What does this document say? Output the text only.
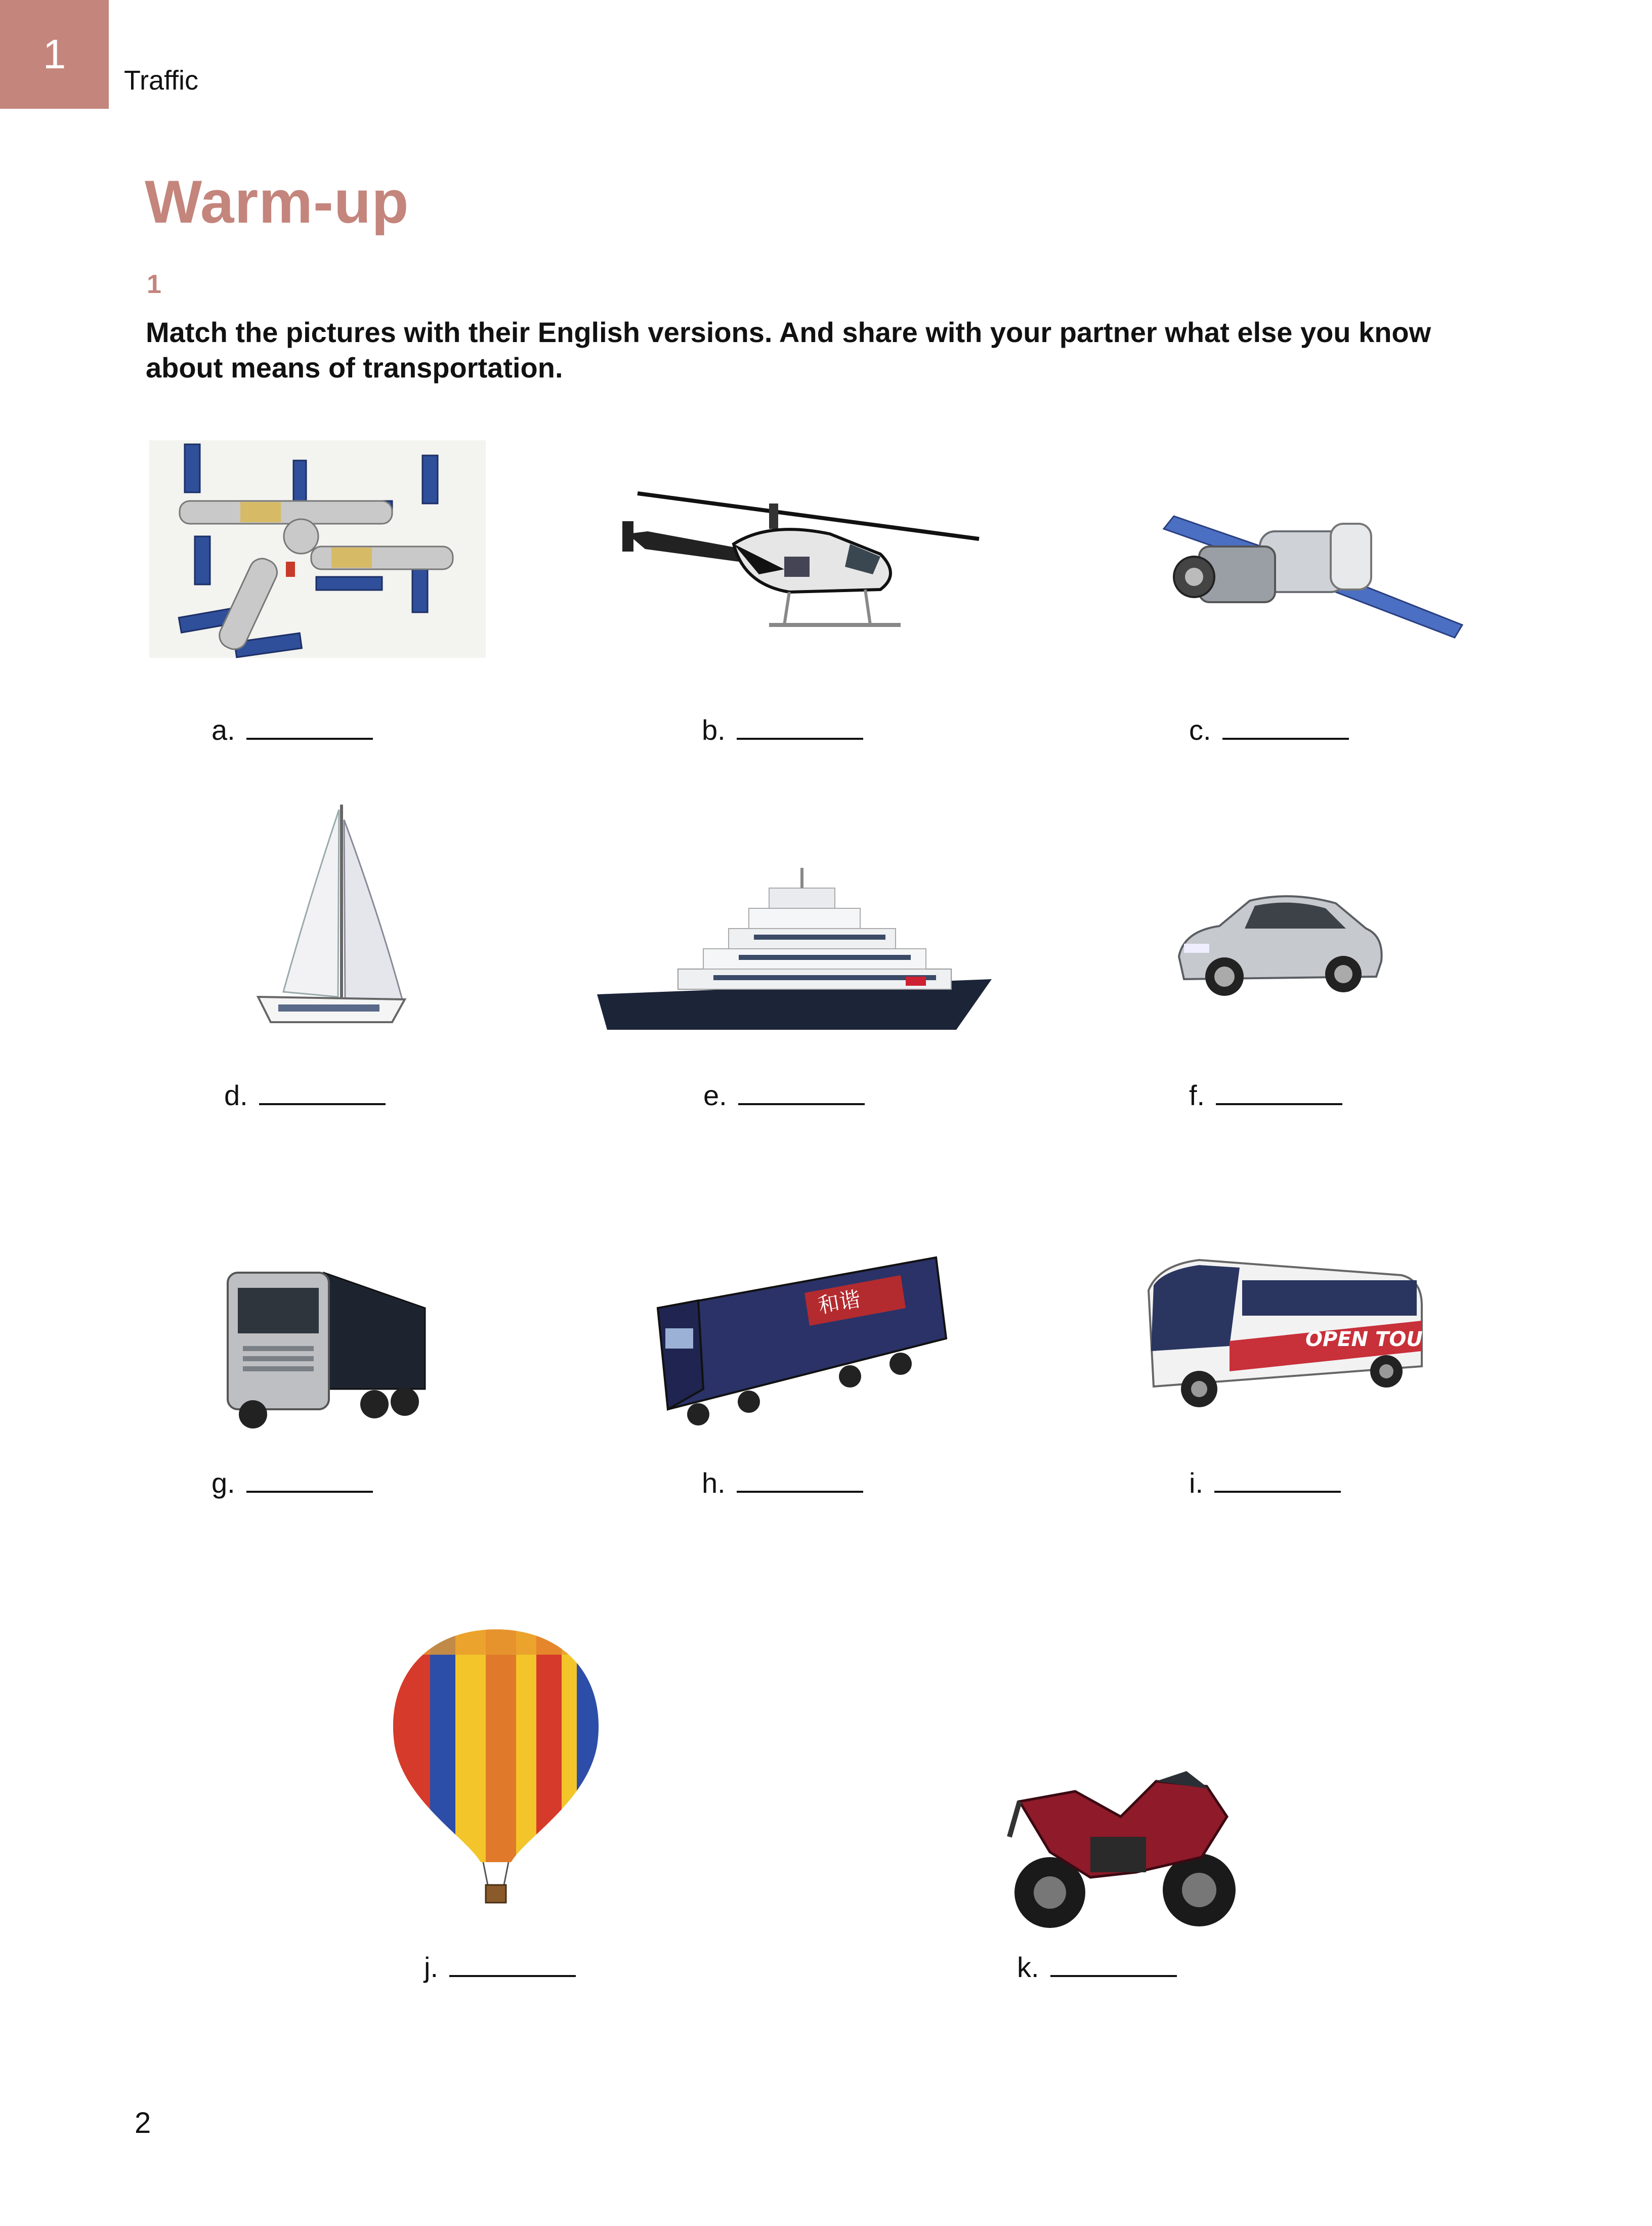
1
Traffic
Warm-up
1
Match the pictures with their English versions. And share with your partner what else you know about means of transportation.
a.	b.	c.
d.	e.	f.
g.
和谐
h.
OPEN TOUR
i.
j.	k.
2
